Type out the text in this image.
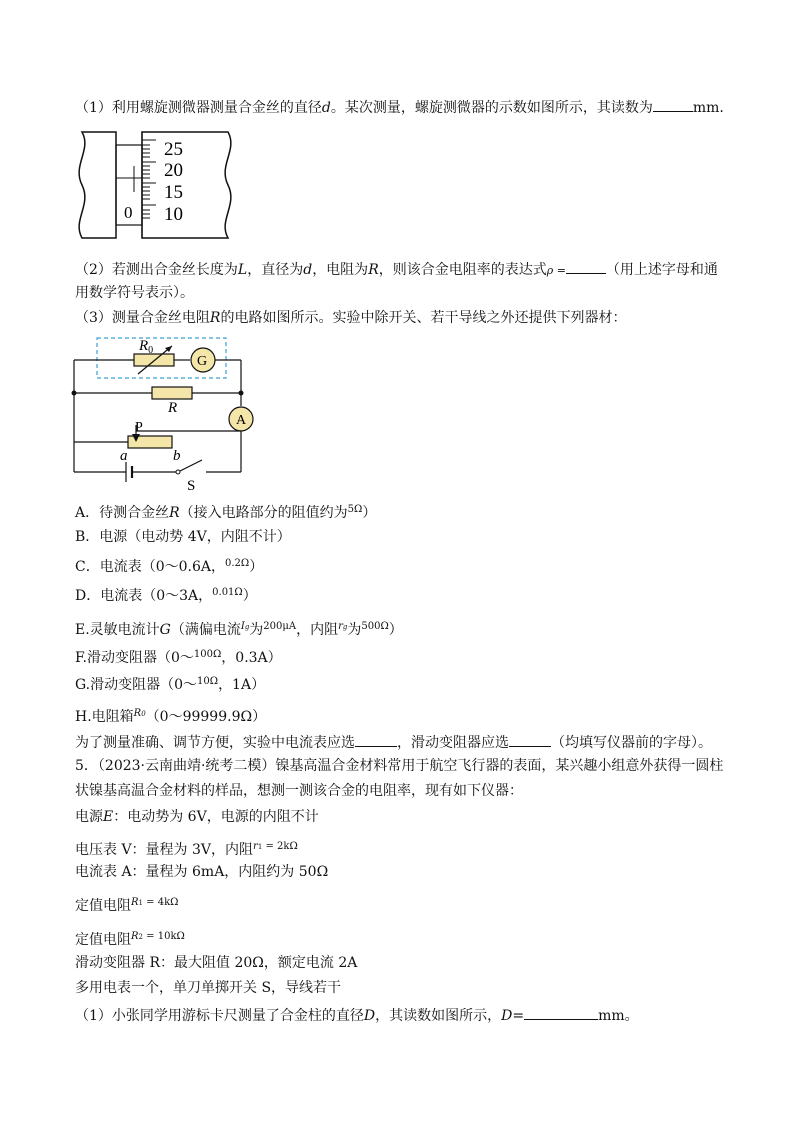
（1）利用螺旋测微器测量合金丝的直径d。某次测量，螺旋测微器的示数如图所示，其读数为	mm.
25
20
15
10
0
（2）若测出合金丝长度为L，直径为d，电阻为R，则该合金电阻率的表达式ρ =	（用上述字母和通
用数学符号表示）。
（3）测量合金丝电阻R的电路如图所示。实验中除开关、若干导线之外还提供下列器材：
$R_0$
G
R
A
P
a	b
S
A．待测合金丝R（接入电路部分的阻值约为$^{5\Omega}$）
B．电源（电动势 4V，内阻不计）
C．电流表（0～0.6A，$^{0.2\Omega}$）
D．电流表（0～3A，$^{0.01\Omega}$）
E.灵敏电流计G（满偏电流$^{Ig}$为$^{200\mu A}$，内阻$^{rg}$为$^{500\Omega}$）
F.滑动变阻器（0～$^{100\Omega}$，0.3A）
G.滑动变阻器（0～$^{10\Omega}$，1A）
H.电阻箱$^{R0}$（0～99999.9Ω）
为了测量准确、调节方便，实验中电流表应选	，滑动变阻器应选	（均填写仪器前的字母）。
5．（2023·云南曲靖·统考二模）镍基高温合金材料常用于航空飞行器的表面，某兴趣小组意外获得一圆柱
状镍基高温合金材料的样品，想测一测该合金的电阻率，现有如下仪器：
电源E：电动势为 6V，电源的内阻不计
电压表 V：量程为 3V，内阻$^{r1 = 2k\Omega}$
电流表 A：量程为 6mA，内阻约为 50Ω
定值电阻$^{R1 = 4k\Omega}$
定值电阻$^{R2 = 10k\Omega}$
滑动变阻器 R：最大阻值 20Ω，额定电流 2A
多用电表一个，单刀单掷开关 S，导线若干
（1）小张同学用游标卡尺测量了合金柱的直径D，其读数如图所示，D=	mm。
